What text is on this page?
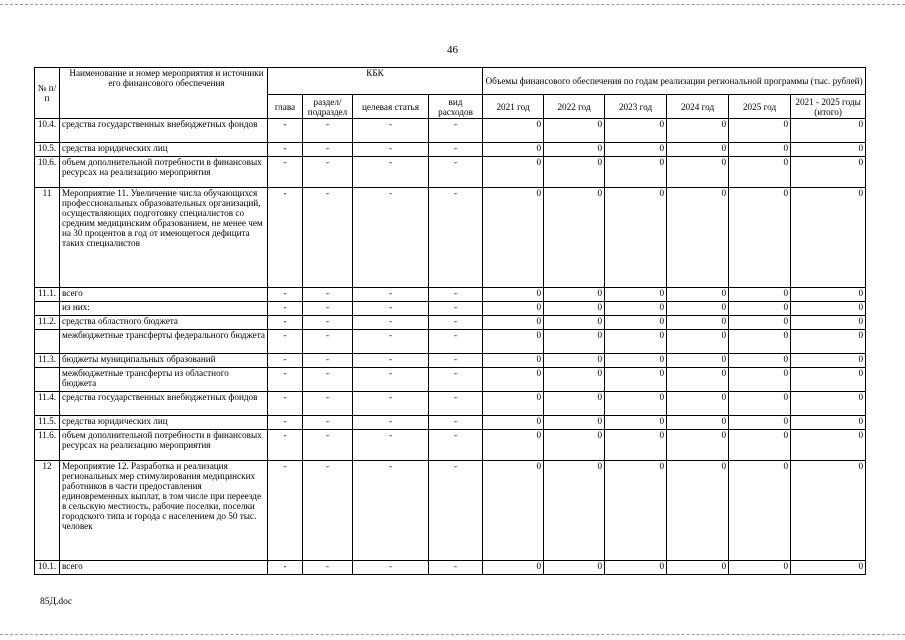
46
№ п/п	Наименование и номер мероприятия и источники его финансового обеспечения	КБК				Объемы финансового обеспечения по годам реализации региональной программы (тыс. рублей)					
		глава	раздел/ подраздел	целевая статья	вид расходов	2021 год	2022 год	2023 год	2024 год	2025 год	2021 - 2025 годы (итого)
10.4.	средства государственных внебюджетных фондов	-	-	-	-	0	0	0	0	0	0
10.5.	средства юридических лиц	-	-	-	-	0	0	0	0	0	0
10.6.	объем дополнительной потребности в финансовых ресурсах на реализацию мероприятия	-	-	-	-	0	0	0	0	0	0
11	Мероприятие 11. Увеличение числа обучающихся профессиональных образовательных организаций, осуществляющих подготовку специалистов со средним медицинским образованием, не менее чем на 30 процентов в год от имеющегося дефицита таких специалистов	-	-	-	-	0	0	0	0	0	0
11.1.	всего	-	-	-	-	0	0	0	0	0	0
	из них:	-	-	-	-	0	0	0	0	0	0
11.2.	средства областного бюджета	-	-	-	-	0	0	0	0	0	0
	межбюджетные трансферты федерального бюджета	-	-	-	-	0	0	0	0	0	0
11.3.	бюджеты муниципальных образований	-	-	-	-	0	0	0	0	0	0
	межбюджетные трансферты из областного бюджета	-	-	-	-	0	0	0	0	0	0
11.4.	средства государственных внебюджетных фондов	-	-	-	-	0	0	0	0	0	0
11.5.	средства юридических лиц	-	-	-	-	0	0	0	0	0	0
11.6.	объем дополнительной потребности в финансовых ресурсах на реализацию мероприятия	-	-	-	-	0	0	0	0	0	0
12	Мероприятие 12. Разработка и реализация региональных мер стимулирования медицинских работников в части предоставления единовременных выплат, в том числе при переезде в сельскую местность, рабочие поселки, поселки городского типа и города с населением до 50 тыс. человек	-	-	-	-	0	0	0	0	0	0
10.1.	всего	-	-	-	-	0	0	0	0	0	0
85Д.doc
